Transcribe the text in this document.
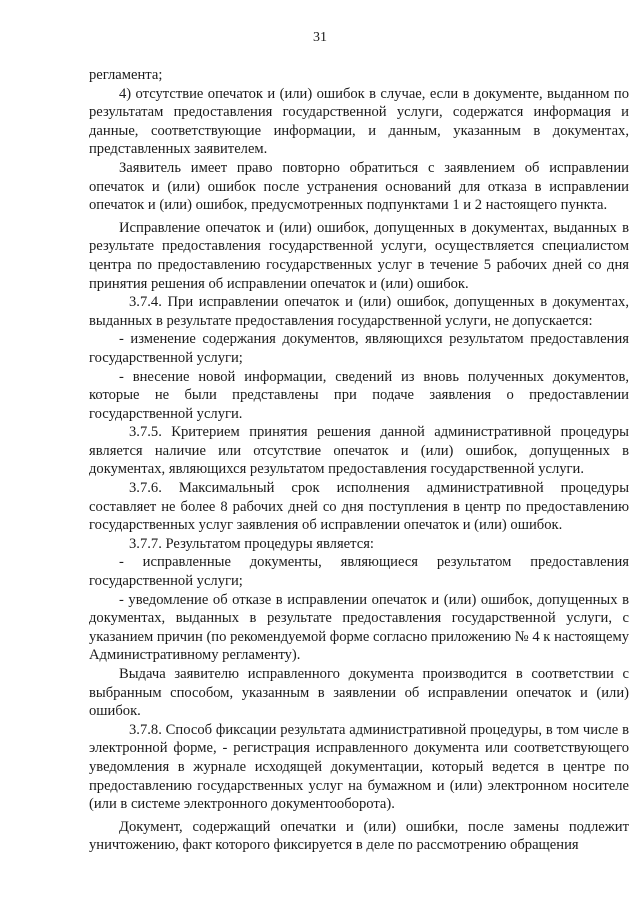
31

регламента;

4) отсутствие опечаток и (или) ошибок в случае, если в документе, выданном по результатам предоставления государственной услуги, содержатся информация и данные, соответствующие информации, и данным, указанным в документах, представленных заявителем.

Заявитель имеет право повторно обратиться с заявлением об исправлении опечаток и (или) ошибок после устранения оснований для отказа в исправлении опечаток и (или) ошибок, предусмотренных подпунктами 1 и 2 настоящего пункта.

Исправление опечаток и (или) ошибок, допущенных в документах, выданных в результате предоставления государственной услуги, осуществляется специалистом центра по предоставлению государственных услуг в течение 5 рабочих дней со дня принятия решения об исправлении опечаток и (или) ошибок.

3.7.4. При исправлении опечаток и (или) ошибок, допущенных в документах, выданных в результате предоставления государственной услуги, не допускается:

- изменение содержания документов, являющихся результатом предоставления государственной услуги;

- внесение новой информации, сведений из вновь полученных документов, которые не были представлены при подаче заявления о предоставлении государственной услуги.

3.7.5. Критерием принятия решения данной административной процедуры является наличие или отсутствие опечаток и (или) ошибок, допущенных в документах, являющихся результатом предоставления государственной услуги.

3.7.6. Максимальный срок исполнения административной процедуры составляет не более 8 рабочих дней со дня поступления в центр по предоставлению государственных услуг заявления об исправлении опечаток и (или) ошибок.

3.7.7. Результатом процедуры является:

- исправленные документы, являющиеся результатом предоставления государственной услуги;

- уведомление об отказе в исправлении опечаток и (или) ошибок, допущенных в документах, выданных в результате предоставления государственной услуги, с указанием причин (по рекомендуемой форме согласно приложению № 4 к настоящему Административному регламенту).

Выдача заявителю исправленного документа производится в соответствии с выбранным способом, указанным в заявлении об исправлении опечаток и (или) ошибок.

3.7.8. Способ фиксации результата административной процедуры, в том числе в электронной форме, - регистрация исправленного документа или соответствующего уведомления в журнале исходящей документации, который ведется в центре по предоставлению государственных услуг на бумажном и (или) электронном носителе (или в системе электронного документооборота).

Документ, содержащий опечатки и (или) ошибки, после замены подлежит уничтожению, факт которого фиксируется в деле по рассмотрению обращения
